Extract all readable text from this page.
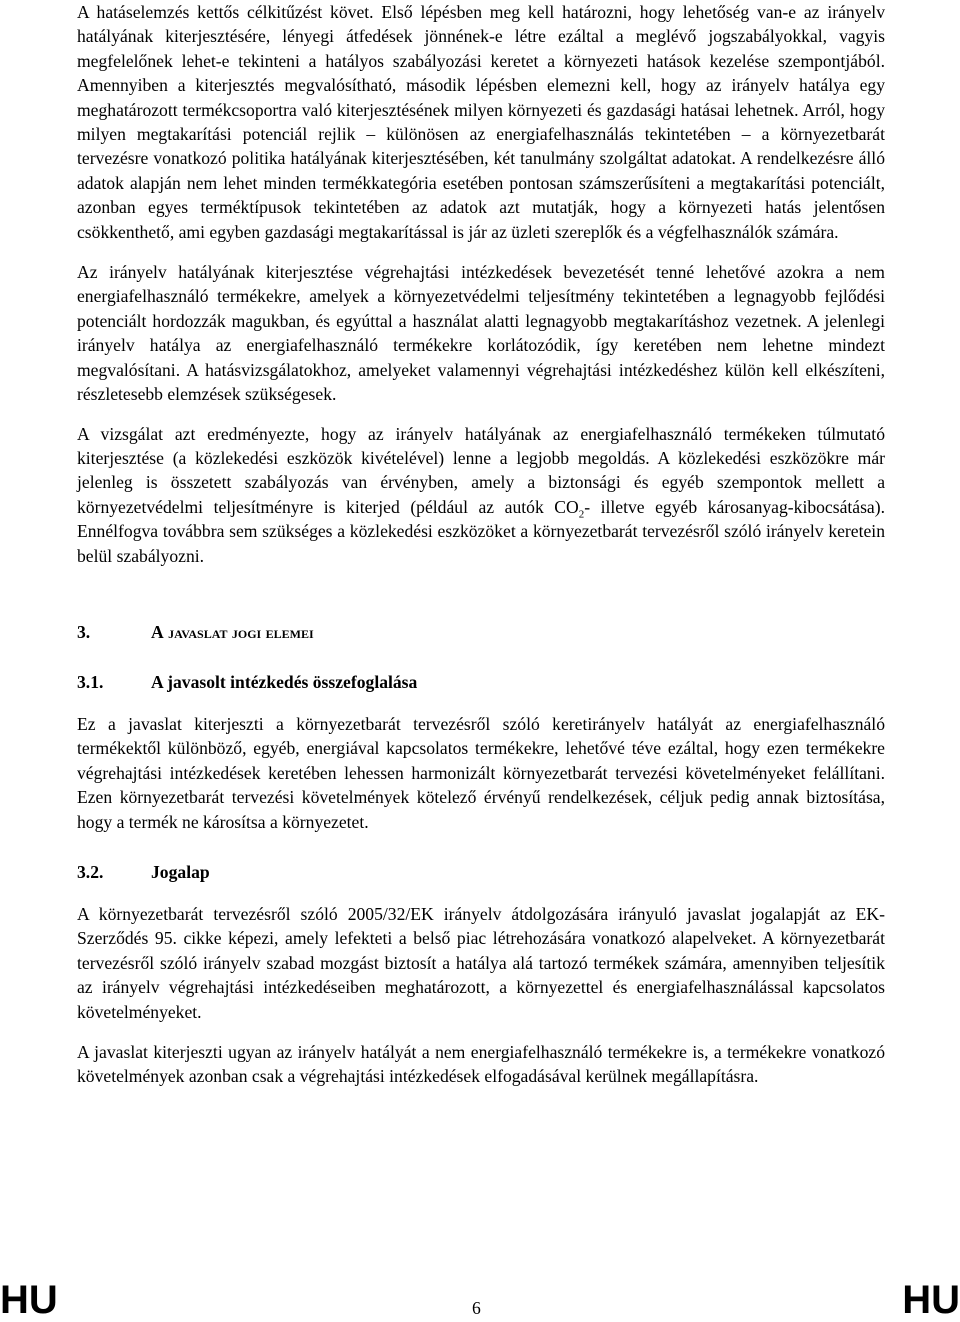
A hatáselemzés kettős célkitűzést követ. Első lépésben meg kell határozni, hogy lehetőség van-e az irányelv hatályának kiterjesztésére, lényegi átfedések jönnének-e létre ezáltal a meglévő jogszabályokkal, vagyis megfelelőnek lehet-e tekinteni a hatályos szabályozási keretet a környezeti hatások kezelése szempontjából. Amennyiben a kiterjesztés megvalósítható, második lépésben elemezni kell, hogy az irányelv hatálya egy meghatározott termékcsoportra való kiterjesztésének milyen környezeti és gazdasági hatásai lehetnek. Arról, hogy milyen megtakarítási potenciál rejlik – különösen az energiafelhasználás tekintetében – a környezetbarát tervezésre vonatkozó politika hatályának kiterjesztésében, két tanulmány szolgáltat adatokat. A rendelkezésre álló adatok alapján nem lehet minden termékkategória esetében pontosan számszerűsíteni a megtakarítási potenciált, azonban egyes terméktípusok tekintetében az adatok azt mutatják, hogy a környezeti hatás jelentősen csökkenthető, ami egyben gazdasági megtakarítással is jár az üzleti szereplők és a végfelhasználók számára.

Az irányelv hatályának kiterjesztése végrehajtási intézkedések bevezetését tenné lehetővé azokra a nem energiafelhasználó termékekre, amelyek a környezetvédelmi teljesítmény tekintetében a legnagyobb fejlődési potenciált hordozzák magukban, és egyúttal a használat alatti legnagyobb megtakarításhoz vezetnek. A jelenlegi irányelv hatálya az energiafelhasználó termékekre korlátozódik, így keretében nem lehetne mindezt megvalósítani. A hatásvizsgálatokhoz, amelyeket valamennyi végrehajtási intézkedéshez külön kell elkészíteni, részletesebb elemzések szükségesek.

A vizsgálat azt eredményezte, hogy az irányelv hatályának az energiafelhasználó termékeken túlmutató kiterjesztése (a közlekedési eszközök kivételével) lenne a legjobb megoldás. A közlekedési eszközökre már jelenleg is összetett szabályozás van érvényben, amely a biztonsági és egyéb szempontok mellett a környezetvédelmi teljesítményre is kiterjed (például az autók $CO_2-$ illetve egyéb károsanyag-kibocsátása). Ennélfogva továbbra sem szükséges a közlekedési eszközöket a környezetbarát tervezésről szóló irányelv keretein belül szabályozni.

3.	A javaslat jogi elemei
3.1.	A javasolt intézkedés összefoglalása

Ez a javaslat kiterjeszti a környezetbarát tervezésről szóló keretirányelv hatályát az energiafelhasználó termékektől különböző, egyéb, energiával kapcsolatos termékekre, lehetővé téve ezáltal, hogy ezen termékekre végrehajtási intézkedések keretében lehessen harmonizált környezetbarát tervezési követelményeket felállítani. Ezen környezetbarát tervezési követelmények kötelező érvényű rendelkezések, céljuk pedig annak biztosítása, hogy a termék ne károsítsa a környezetet.

3.2.	Jogalap

A környezetbarát tervezésről szóló 2005/32/EK irányelv átdolgozására irányuló javaslat jogalapját az EK-Szerződés 95. cikke képezi, amely lefekteti a belső piac létrehozására vonatkozó alapelveket. A környezetbarát tervezésről szóló irányelv szabad mozgást biztosít a hatálya alá tartozó termékek számára, amennyiben teljesítik az irányelv végrehajtási intézkedéseiben meghatározott, a környezettel és energiafelhasználással kapcsolatos követelményeket.

A javaslat kiterjeszti ugyan az irányelv hatályát a nem energiafelhasználó termékekre is, a termékekre vonatkozó követelmények azonban csak a végrehajtási intézkedések elfogadásával kerülnek megállapításra.

HU	6	HU
